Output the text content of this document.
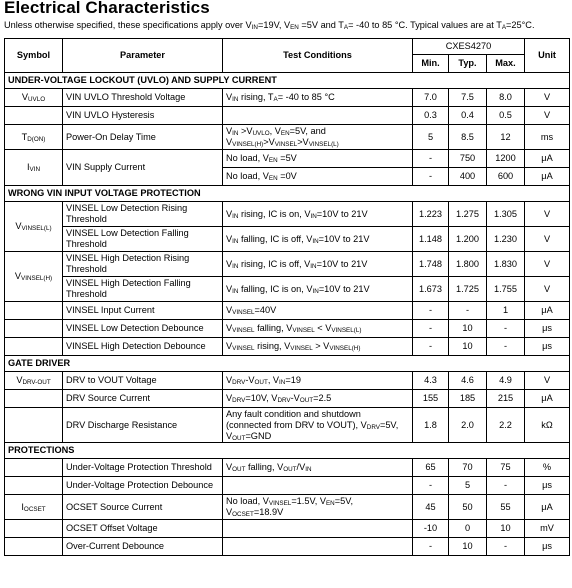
Electrical Characteristics
Unless otherwise specified, these specifications apply over $V_{IN}=19V$, $V_{EN} =5V$ and $T_A= -40$ to 85 °C. Typical values are at $T_A=25^\circ C$.
Symbol	Parameter	Test Conditions	CXES4270			Unit
			Min.	Typ.	Max.	
UNDER-VOLTAGE LOCKOUT (UVLO) AND SUPPLY CURRENT						
$V_{UVLO}$	VIN UVLO Threshold Voltage	$V_{IN}$ rising, $T_A= -40$ to 85 °C	7.0	7.5	8.0	V
	VIN UVLO Hysteresis		0.3	0.4	0.5	V
$T_{D(ON)}$	Power-On Delay Time	$V_{IN} >V_{UVLO}$, $V_{EN}=5V$, and
$V_{VINSEL(H)}>V_{VINSEL}>V_{VINSEL(L)}$	5	8.5	12	ms
$I_{VIN}$	VIN Supply Current	No load, $V_{EN} =5V$	-	750	1200	μA
		No load, $V_{EN} =0V$	-	400	600	μA
WRONG VIN INPUT VOLTAGE PROTECTION						
$V_{VINSEL(L)}$	VINSEL Low Detection Rising Threshold	$V_{IN}$ rising, IC is on, $V_{IN}=10V$ to 21V	1.223	1.275	1.305	V
	VINSEL Low Detection Falling Threshold	$V_{IN}$ falling, IC is off, $V_{IN}=10V$ to 21V	1.148	1.200	1.230	V
$V_{VINSEL(H)}$	VINSEL High Detection Rising Threshold	$V_{IN}$ rising, IC is off, $V_{IN}=10V$ to 21V	1.748	1.800	1.830	V
	VINSEL High Detection Falling Threshold	$V_{IN}$ falling, IC is on, $V_{IN}=10V$ to 21V	1.673	1.725	1.755	V
	VINSEL Input Current	$V_{VINSEL}=40V$	-	-	1	μA
	VINSEL Low Detection Debounce	$V_{VINSEL}$ falling, $V_{VINSEL} < V_{VINSEL(L)}$	-	10	-	μs
	VINSEL High Detection Debounce	$V_{VINSEL}$ rising, $V_{VINSEL} > V_{VINSEL(H)}$	-	10	-	μs
GATE DRIVER						
$V_{DRV-OUT}$	DRV to VOUT Voltage	$V_{DRV}-V_{OUT}$, $V_{IN}=19$	4.3	4.6	4.9	V
	DRV Source Current	$V_{DRV}=10V$, $V_{DRV}-V_{OUT}=2.5$	155	185	215	μA
	DRV Discharge Resistance	Any fault condition and shutdown
(connected from DRV to VOUT), $V_{DRV}=5V$,
$V_{OUT}=GND$	1.8	2.0	2.2	kΩ
PROTECTIONS						
	Under-Voltage Protection Threshold	$V_{OUT}$ falling, $V_{OUT}/V_{IN}$	65	70	75	%
	Under-Voltage Protection Debounce		-	5	-	μs
$I_{OCSET}$	OCSET Source Current	No load, $V_{VINSEL}=1.5V$, $V_{EN}=5V$,
$V_{OCSET}=18.9V$	45	50	55	μA
	OCSET Offset Voltage		-10	0	10	mV
	Over-Current Debounce		-	10	-	μs
